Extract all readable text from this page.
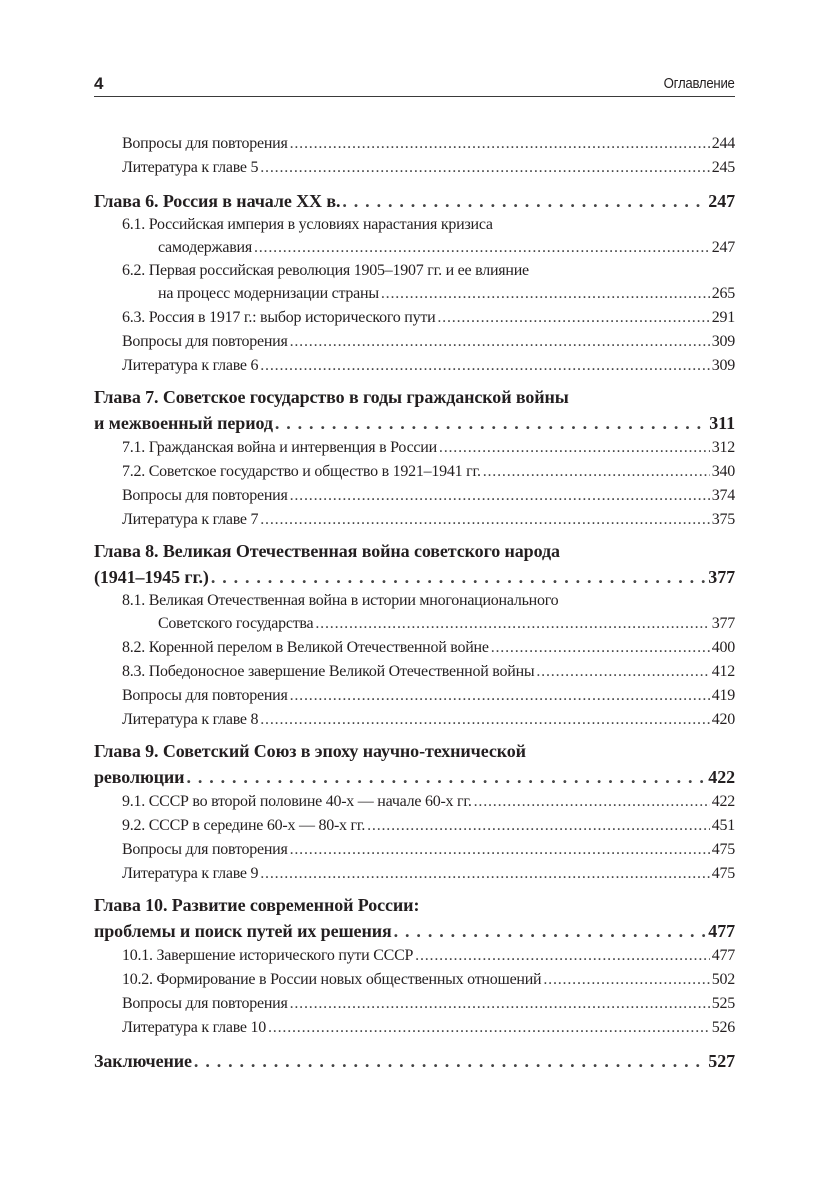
4	Оглавление
Вопросы для повторения . . .	244
Литература к главе 5 . . .	245
Глава 6. Россия в начале XX в. . . .	247
6.1. Российская империя в условиях нарастания кризиса
самодержавия . . .	247
6.2. Первая российская революция 1905–1907 гг. и ее влияние
на процесс модернизации страны . . .	265
6.3. Россия в 1917 г.: выбор исторического пути . . .	291
Вопросы для повторения . . .	309
Литература к главе 6 . . .	309
Глава 7. Советское государство в годы гражданской войны
и межвоенный период . . .	311
7.1. Гражданская война и интервенция в России . . .	312
7.2. Советское государство и общество в 1921–1941 гг. . . .	340
Вопросы для повторения . . .	374
Литература к главе 7 . . .	375
Глава 8. Великая Отечественная война советского народа
(1941–1945 гг.) . . .	377
8.1. Великая Отечественная война в истории многонационального
Советского государства . . .	377
8.2. Коренной перелом в Великой Отечественной войне . . .	400
8.3. Победоносное завершение Великой Отечественной войны . . .	412
Вопросы для повторения . . .	419
Литература к главе 8 . . .	420
Глава 9. Советский Союз в эпоху научно-технической
революции . . .	422
9.1. СССР во второй половине 40-х — начале 60-х гг. . . .	422
9.2. СССР в середине 60-х — 80-х гг. . . .	451
Вопросы для повторения . . .	475
Литература к главе 9 . . .	475
Глава 10. Развитие современной России:
проблемы и поиск путей их решения . . .	477
10.1. Завершение исторического пути СССР . . .	477
10.2. Формирование в России новых общественных отношений . . .	502
Вопросы для повторения . . .	525
Литература к главе 10 . . .	526
Заключение . . .	527
